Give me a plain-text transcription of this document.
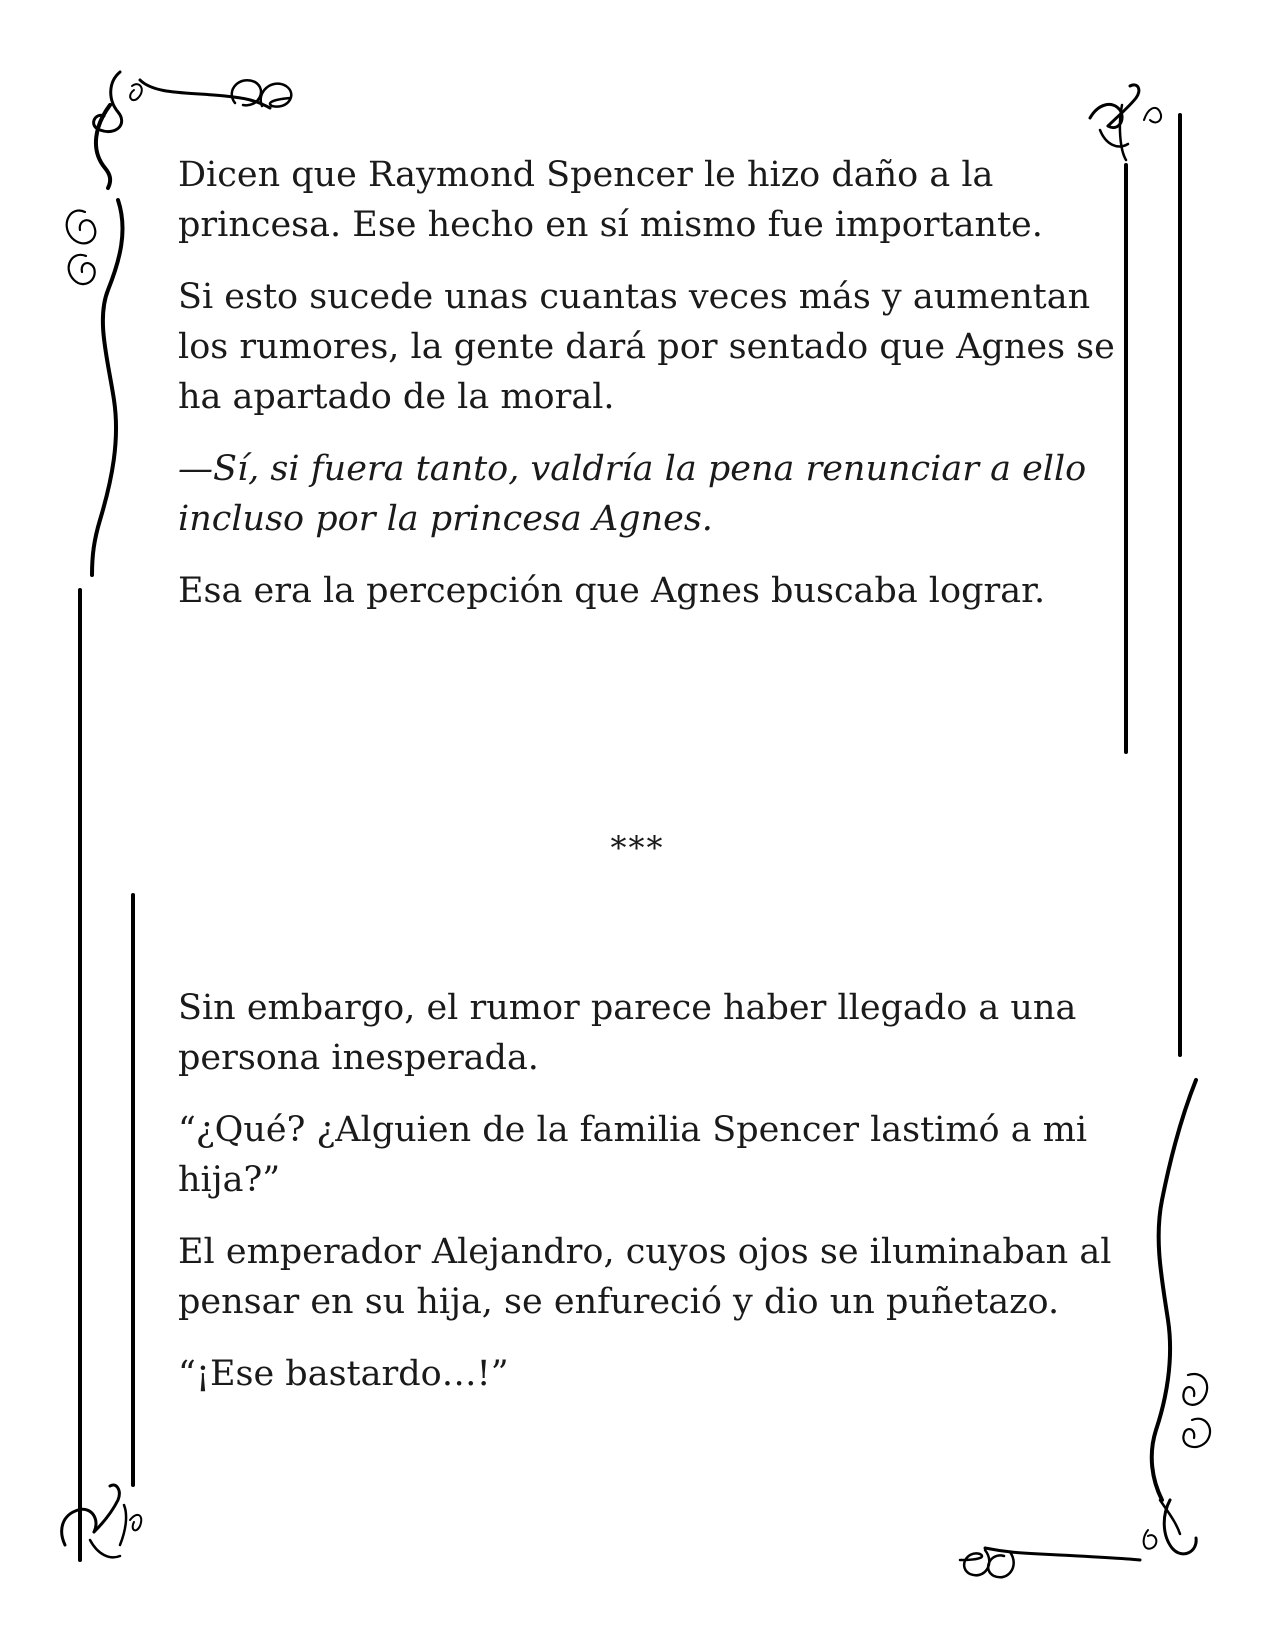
Dicen que Raymond Spencer le hizo daño a la princesa. Ese hecho en sí mismo fue importante.

Si esto sucede unas cuantas veces más y aumentan los rumores, la gente dará por sentado que Agnes se ha apartado de la moral.

—Sí, si fuera tanto, valdría la pena renunciar a ello incluso por la princesa Agnes.

Esa era la percepción que Agnes buscaba lograr.

***

Sin embargo, el rumor parece haber llegado a una persona inesperada.

“¿Qué? ¿Alguien de la familia Spencer lastimó a mi hija?”

El emperador Alejandro, cuyos ojos se iluminaban al pensar en su hija, se enfureció y dio un puñetazo.

“¡Ese bastardo…!”
